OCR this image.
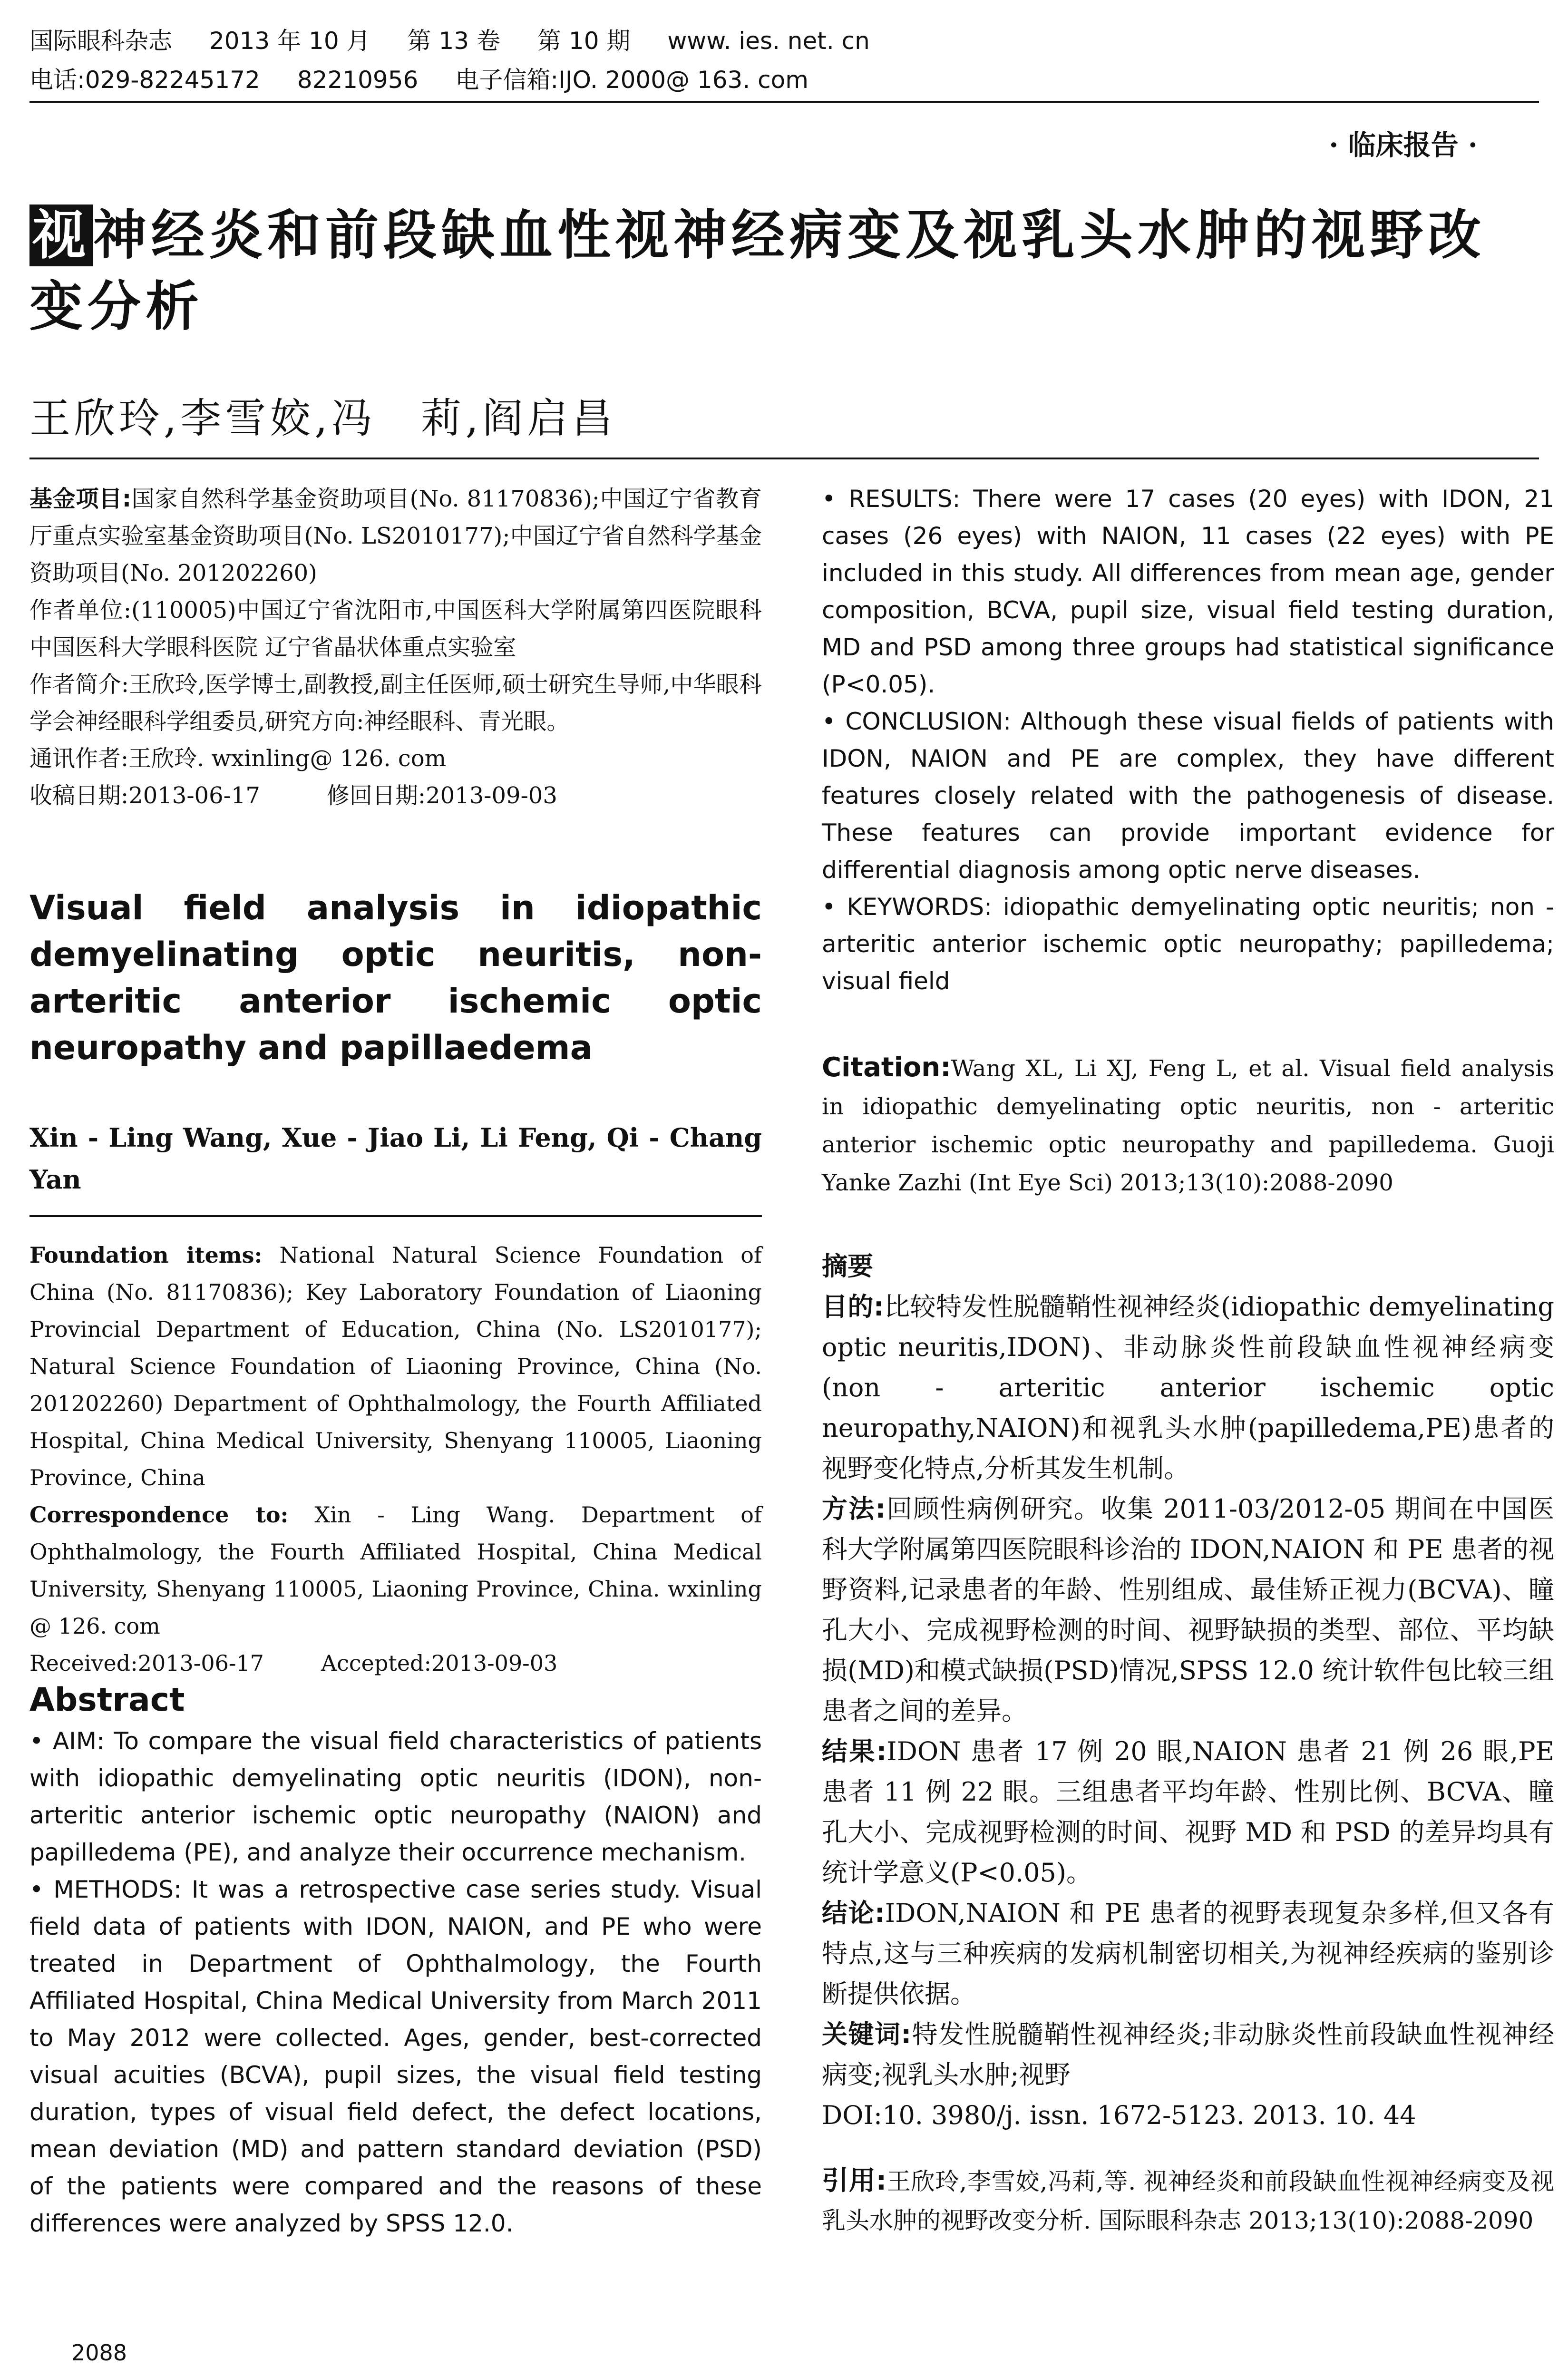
国际眼科杂志 2013 年 10 月 第 13 卷 第 10 期 www. ies. net. cn
电话:029-82245172 82210956 电子信箱:IJO. 2000@ 163. com
· 临床报告 ·
视神经炎和前段缺血性视神经病变及视乳头水肿的视野改变分析
王欣玲,李雪姣,冯　莉,阎启昌

基金项目:国家自然科学基金资助项目(No. 81170836);中国辽宁省教育厅重点实验室基金资助项目(No. LS2010177);中国辽宁省自然科学基金资助项目(No. 201202260)

作者单位:(110005)中国辽宁省沈阳市,中国医科大学附属第四医院眼科 中国医科大学眼科医院 辽宁省晶状体重点实验室

作者简介:王欣玲,医学博士,副教授,副主任医师,硕士研究生导师,中华眼科学会神经眼科学组委员,研究方向:神经眼科、青光眼。

通讯作者:王欣玲. wxinling@ 126. com

收稿日期:2013-06-17	修回日期:2013-09-03

Visual field analysis in idiopathic demyelinating optic neuritis, non-arteritic anterior ischemic optic neuropathy and papillaedema
Xin - Ling Wang, Xue - Jiao Li, Li Feng, Qi - Chang Yan

Foundation items: National Natural Science Foundation of China (No. 81170836); Key Laboratory Foundation of Liaoning Provincial Department of Education, China (No. LS2010177); Natural Science Foundation of Liaoning Province, China (No. 201202260) Department of Ophthalmology, the Fourth Affiliated Hospital, China Medical University, Shenyang 110005, Liaoning Province, China

Correspondence to: Xin - Ling Wang. Department of Ophthalmology, the Fourth Affiliated Hospital, China Medical University, Shenyang 110005, Liaoning Province, China. wxinling @ 126. com

Received:2013-06-17	Accepted:2013-09-03

Abstract

• AIM: To compare the visual field characteristics of patients with idiopathic demyelinating optic neuritis (IDON), non-arteritic anterior ischemic optic neuropathy (NAION) and papilledema (PE), and analyze their occurrence mechanism.

• METHODS: It was a retrospective case series study. Visual field data of patients with IDON, NAION, and PE who were treated in Department of Ophthalmology, the Fourth Affiliated Hospital, China Medical University from March 2011 to May 2012 were collected. Ages, gender, best-corrected visual acuities (BCVA), pupil sizes, the visual field testing duration, types of visual field defect, the defect locations, mean deviation (MD) and pattern standard deviation (PSD) of the patients were compared and the reasons of these differences were analyzed by SPSS 12.0.

2088

• RESULTS: There were 17 cases (20 eyes) with IDON, 21 cases (26 eyes) with NAION, 11 cases (22 eyes) with PE included in this study. All differences from mean age, gender composition, BCVA, pupil size, visual field testing duration, MD and PSD among three groups had statistical significance (P<0.05).

• CONCLUSION: Although these visual fields of patients with IDON, NAION and PE are complex, they have different features closely related with the pathogenesis of disease. These features can provide important evidence for differential diagnosis among optic nerve diseases.

• KEYWORDS: idiopathic demyelinating optic neuritis; non - arteritic anterior ischemic optic neuropathy; papilledema; visual field

Citation:Wang XL, Li XJ, Feng L, et al. Visual field analysis in idiopathic demyelinating optic neuritis, non - arteritic anterior ischemic optic neuropathy and papilledema. Guoji Yanke Zazhi (Int Eye Sci) 2013;13(10):2088-2090

摘要

目的:比较特发性脱髓鞘性视神经炎(idiopathic demyelinating optic neuritis,IDON)、非动脉炎性前段缺血性视神经病变(non - arteritic anterior ischemic optic neuropathy,NAION)和视乳头水肿(papilledema,PE)患者的视野变化特点,分析其发生机制。

方法:回顾性病例研究。收集 2011-03/2012-05 期间在中国医科大学附属第四医院眼科诊治的 IDON,NAION 和 PE 患者的视野资料,记录患者的年龄、性别组成、最佳矫正视力(BCVA)、瞳孔大小、完成视野检测的时间、视野缺损的类型、部位、平均缺损(MD)和模式缺损(PSD)情况,SPSS 12.0 统计软件包比较三组患者之间的差异。

结果:IDON 患者 17 例 20 眼,NAION 患者 21 例 26 眼,PE 患者 11 例 22 眼。三组患者平均年龄、性别比例、BCVA、瞳孔大小、完成视野检测的时间、视野 MD 和 PSD 的差异均具有统计学意义(P<0.05)。

结论:IDON,NAION 和 PE 患者的视野表现复杂多样,但又各有特点,这与三种疾病的发病机制密切相关,为视神经疾病的鉴别诊断提供依据。

关键词:特发性脱髓鞘性视神经炎;非动脉炎性前段缺血性视神经病变;视乳头水肿;视野

DOI:10. 3980/j. issn. 1672-5123. 2013. 10. 44

引用:王欣玲,李雪姣,冯莉,等. 视神经炎和前段缺血性视神经病变及视乳头水肿的视野改变分析. 国际眼科杂志 2013;13(10):2088-2090
